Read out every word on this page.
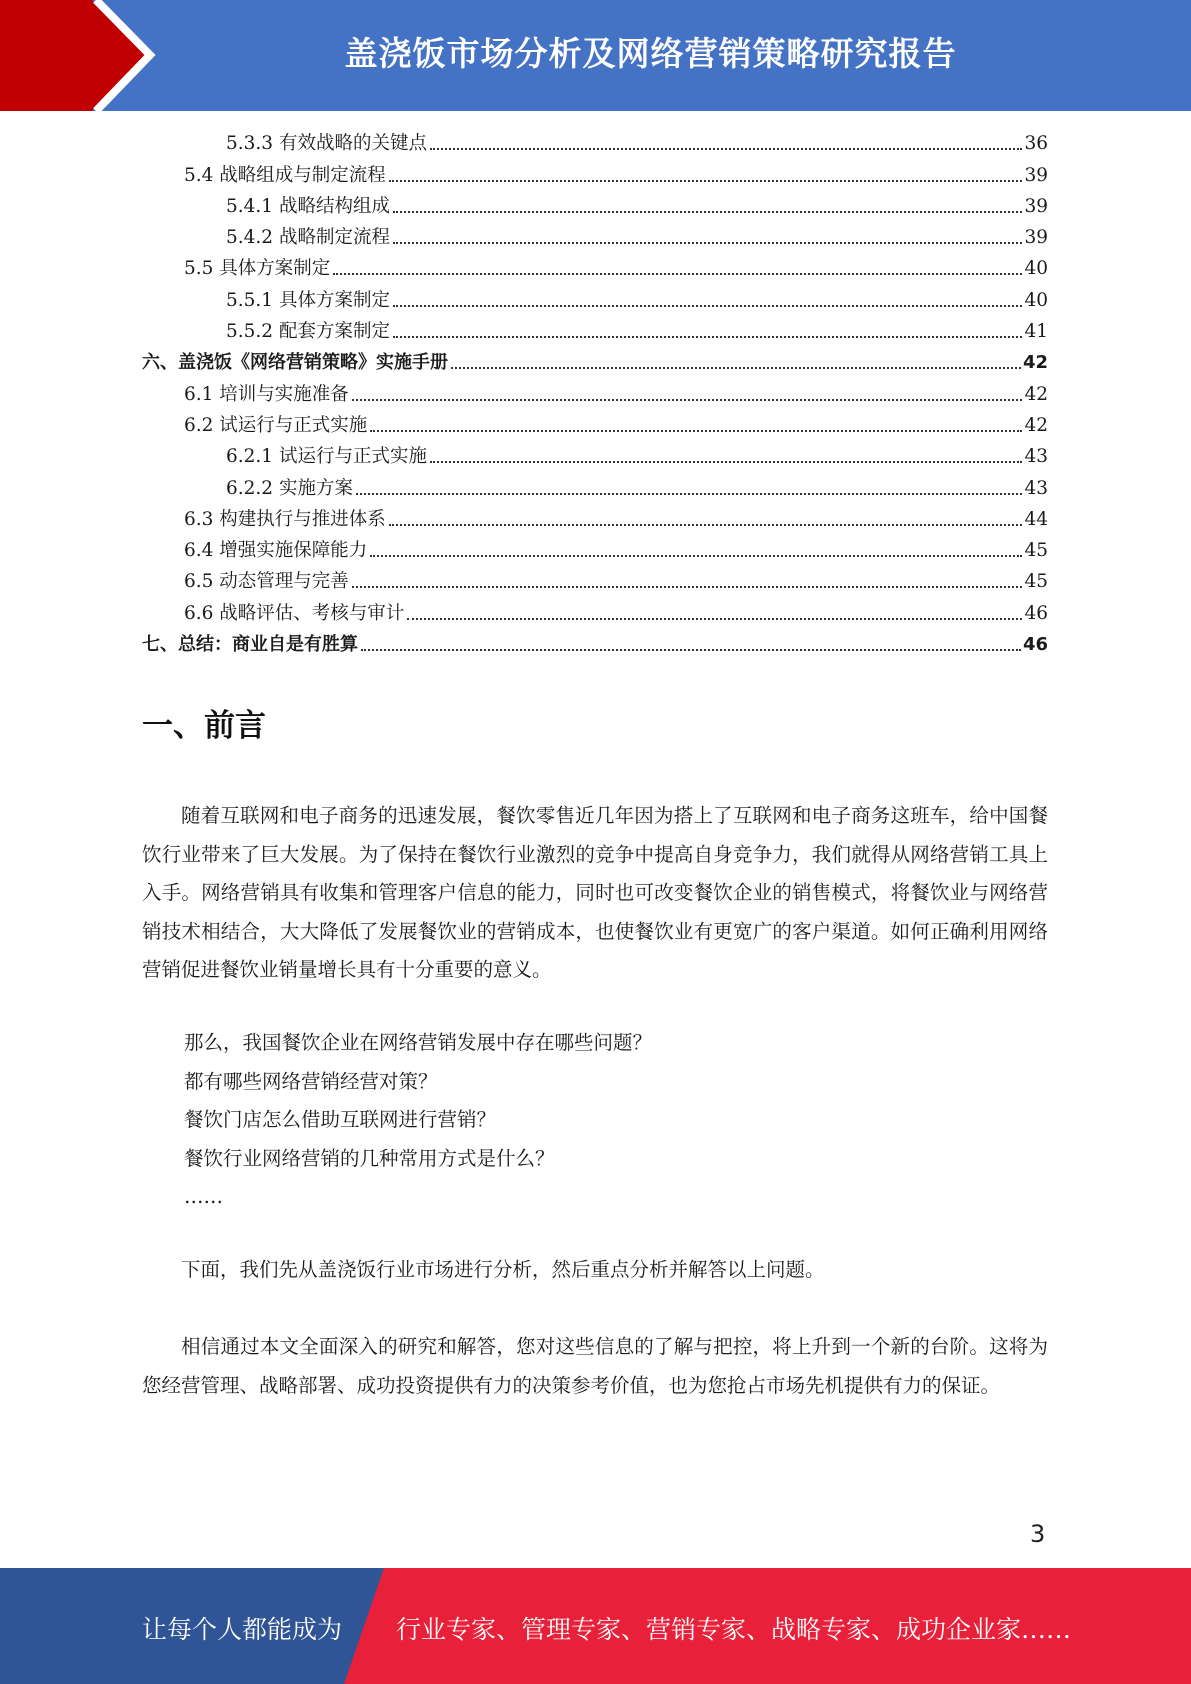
盖浇饭市场分析及网络营销策略研究报告
5.3.3 有效战略的关键点	36
5.4 战略组成与制定流程	39
5.4.1 战略结构组成	39
5.4.2 战略制定流程	39
5.5 具体方案制定	40
5.5.1 具体方案制定	40
5.5.2 配套方案制定	41
六、盖浇饭《网络营销策略》实施手册	42
6.1 培训与实施准备	42
6.2 试运行与正式实施	42
6.2.1 试运行与正式实施	43
6.2.2 实施方案	43
6.3 构建执行与推进体系	44
6.4 增强实施保障能力	45
6.5 动态管理与完善	45
6.6 战略评估、考核与审计	46
七、总结：商业自是有胜算	46
一、前言
随着互联网和电子商务的迅速发展，餐饮零售近几年因为搭上了互联网和电子商务这班车，给中国餐饮行业带来了巨大发展。为了保持在餐饮行业激烈的竞争中提高自身竞争力，我们就得从网络营销工具上入手。网络营销具有收集和管理客户信息的能力，同时也可改变餐饮企业的销售模式，将餐饮业与网络营销技术相结合，大大降低了发展餐饮业的营销成本，也使餐饮业有更宽广的客户渠道。如何正确利用网络营销促进餐饮业销量增长具有十分重要的意义。
那么，我国餐饮企业在网络营销发展中存在哪些问题？
都有哪些网络营销经营对策？
餐饮门店怎么借助互联网进行营销？
餐饮行业网络营销的几种常用方式是什么？
……
下面，我们先从盖浇饭行业市场进行分析，然后重点分析并解答以上问题。
相信通过本文全面深入的研究和解答，您对这些信息的了解与把控，将上升到一个新的台阶。这将为您经营管理、战略部署、成功投资提供有力的决策参考价值，也为您抢占市场先机提供有力的保证。
3
让每个人都能成为 行业专家、管理专家、营销专家、战略专家、成功企业家……
